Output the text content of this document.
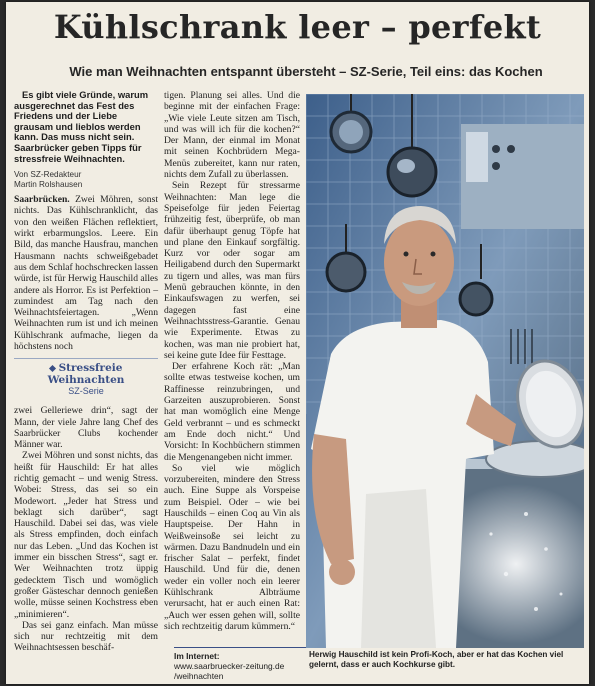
Kühlschrank leer – perfekt
Wie man Weihnachten entspannt übersteht – SZ-Serie, Teil eins: das Kochen

Es gibt viele Gründe, warum ausgerechnet das Fest des Friedens und der Liebe grausam und lieblos werden kann. Das muss nicht sein. Saarbrücker geben Tipps für stressfreie Weihnachten.

Von SZ-Redakteur
Martin Rolshausen

Saarbrücken. Zwei Möhren, sonst nichts. Das Kühlschranklicht, das von den weißen Flächen reflektiert, wirkt erbarmungslos. Leere. Ein Bild, das manche Hausfrau, manchen Hausmann nachts schweißgebadet aus dem Schlaf hochschrecken lassen würde, ist für Herwig Hauschild alles andere als Horror. Es ist Perfektion – zumindest am Tag nach den Weihnachtsfeiertagen. „Wenn Weihnachten rum ist und ich meinen Kühlschrank aufmache, liegen da höchstens noch

Stressfreie Weihnachten
SZ-Serie

zwei Gelleriewe drin“, sagt der Mann, der viele Jahre lang Chef des Saarbrücker Clubs kochender Männer war.

Zwei Möhren und sonst nichts, das heißt für Hauschild: Er hat alles richtig gemacht – und wenig Stress. Wobei: Stress, das sei so ein Modewort. „Jeder hat Stress und beklagt sich darüber“, sagt Hauschild. Dabei sei das, was viele als Stress empfinden, doch einfach nur das Leben. „Und das Kochen ist immer ein bisschen Stress“, sagt er. Wer Weihnachten trotz üppig gedecktem Tisch und womöglich großer Gästeschar dennoch genießen wolle, müsse seinen Kochstress eben „minimieren“.

Das sei ganz einfach. Man müsse sich nur rechtzeitig mit dem Weihnachtsessen beschäf-

tigen. Planung sei alles. Und die beginne mit der einfachen Frage: „Wie viele Leute sitzen am Tisch, und was will ich für die kochen?“ Der Mann, der einmal im Monat mit seinen Kochbrüdern Mega-Menüs zubereitet, kann nur raten, nichts dem Zufall zu überlassen.

Sein Rezept für stressarme Weihnachten: Man lege die Speisefolge für jeden Feiertag frühzeitig fest, überprüfe, ob man dafür überhaupt genug Töpfe hat und plane den Einkauf sorgfältig. Kurz vor oder sogar am Heiligabend durch den Supermarkt zu tigern und alles, was man fürs Menü gebrauchen könnte, in den Einkaufswagen zu werfen, sei dagegen fast eine Weihnachtsstress-Garantie. Genau wie Experimente. Etwas zu kochen, was man nie probiert hat, sei keine gute Idee für Festtage.

Der erfahrene Koch rät: „Man sollte etwas testweise kochen, um Raffinesse reinzubringen, und Garzeiten auszuprobieren. Sonst hat man womöglich eine Menge Geld verbrannt – und es schmeckt am Ende doch nicht.“ Und Vorsicht: In Kochbüchern stimmen die Mengenangeben nicht immer.

So viel wie möglich vorzubereiten, mindere den Stress auch. Eine Suppe als Vorspeise zum Beispiel. Oder – wie bei Hauschilds – einen Coq au Vin als Hauptspeise. Der Hahn in Weißweinsoße sei leicht zu wärmen. Dazu Bandnudeln und ein frischer Salat – perfekt, findet Hauschild. Und für die, denen weder ein voller noch ein leerer Kühlschrank Albträume verursacht, hat er auch einen Rat: „Auch wer essen gehen will, sollte sich rechtzeitig darum kümmern.“

Im Internet:
www.saarbruecker-zeitung.de /weihnachten
Herwig Hauschild ist kein Profi-Koch, aber er hat das Kochen viel gelernt, dass er auch Kochkurse gibt.
